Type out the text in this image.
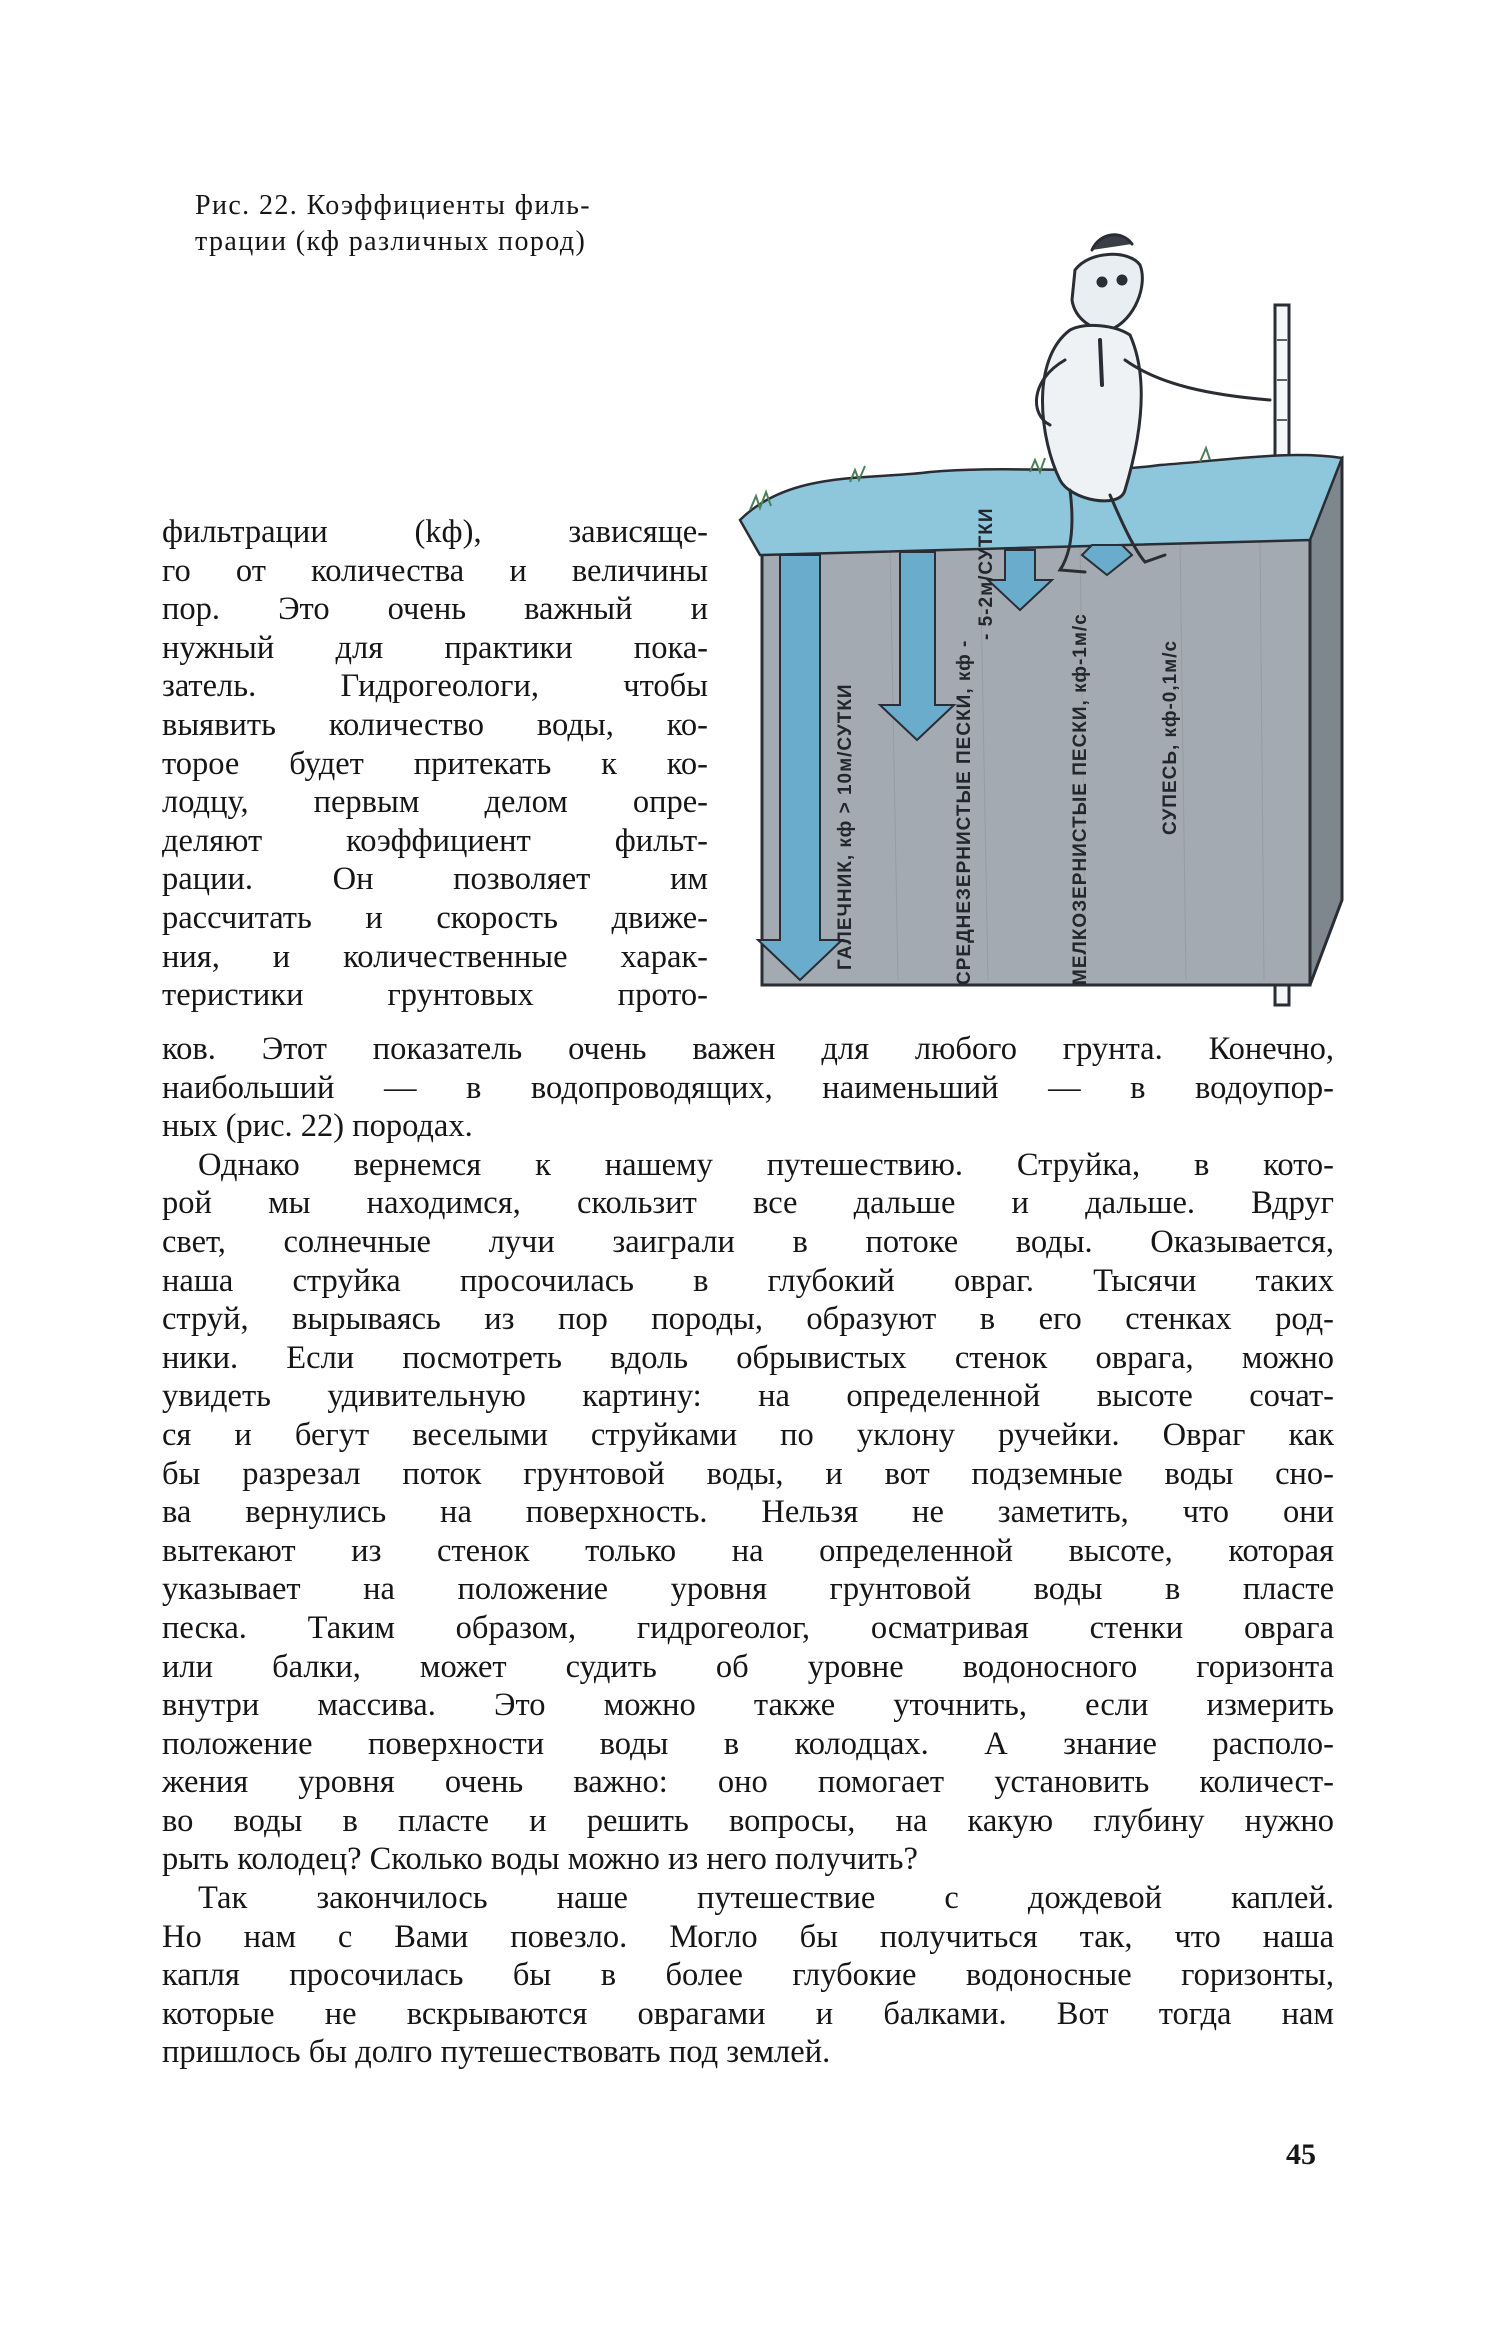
Рис. 22. Коэффициенты филь-

трации (кф различных пород)

ГАЛЕЧНИК, кф > 10м/СУТКИ	СРЕДНЕЗЕРНИСТЫЕ ПЕСКИ, кф -
- 5-2м/СУТКИ
МЕЛКОЗЕРНИСТЫЕ ПЕСКИ, кф-1м/с	СУПЕСЬ, кф-0,1м/с
фильтрации (kф), зависяще-
го от количества и величины
пор. Это очень важный и
нужный для практики пока-
затель. Гидрогеологи, чтобы
выявить количество воды, ко-
торое будет притекать к ко-
лодцу, первым делом опре-
деляют коэффициент фильт-
рации. Он позволяет им
рассчитать и скорость движе-
ния, и количественные харак-
теристики грунтовых прото-
ков. Этот показатель очень важен для любого грунта. Конечно,
наибольший — в водопроводящих, наименьший — в водоупор-
ных (рис. 22) породах.
Однако вернемся к нашему путешествию. Струйка, в кото-
рой мы находимся, скользит все дальше и дальше. Вдруг
свет, солнечные лучи заиграли в потоке воды. Оказывается,
наша струйка просочилась в глубокий овраг. Тысячи таких
струй, вырываясь из пор породы, образуют в его стенках род-
ники. Если посмотреть вдоль обрывистых стенок оврага, можно
увидеть удивительную картину: на определенной высоте сочат-
ся и бегут веселыми струйками по уклону ручейки. Овраг как
бы разрезал поток грунтовой воды, и вот подземные воды сно-
ва вернулись на поверхность. Нельзя не заметить, что они
вытекают из стенок только на определенной высоте, которая
указывает на положение уровня грунтовой воды в пласте
песка. Таким образом, гидрогеолог, осматривая стенки оврага
или балки, может судить об уровне водоносного горизонта
внутри массива. Это можно также уточнить, если измерить
положение поверхности воды в колодцах. А знание располо-
жения уровня очень важно: оно помогает установить количест-
во воды в пласте и решить вопросы, на какую глубину нужно
рыть колодец? Сколько воды можно из него получить?
Так закончилось наше путешествие с дождевой каплей.
Но нам с Вами повезло. Могло бы получиться так, что наша
капля просочилась бы в более глубокие водоносные горизонты,
которые не вскрываются оврагами и балками. Вот тогда нам
пришлось бы долго путешествовать под землей.
45
